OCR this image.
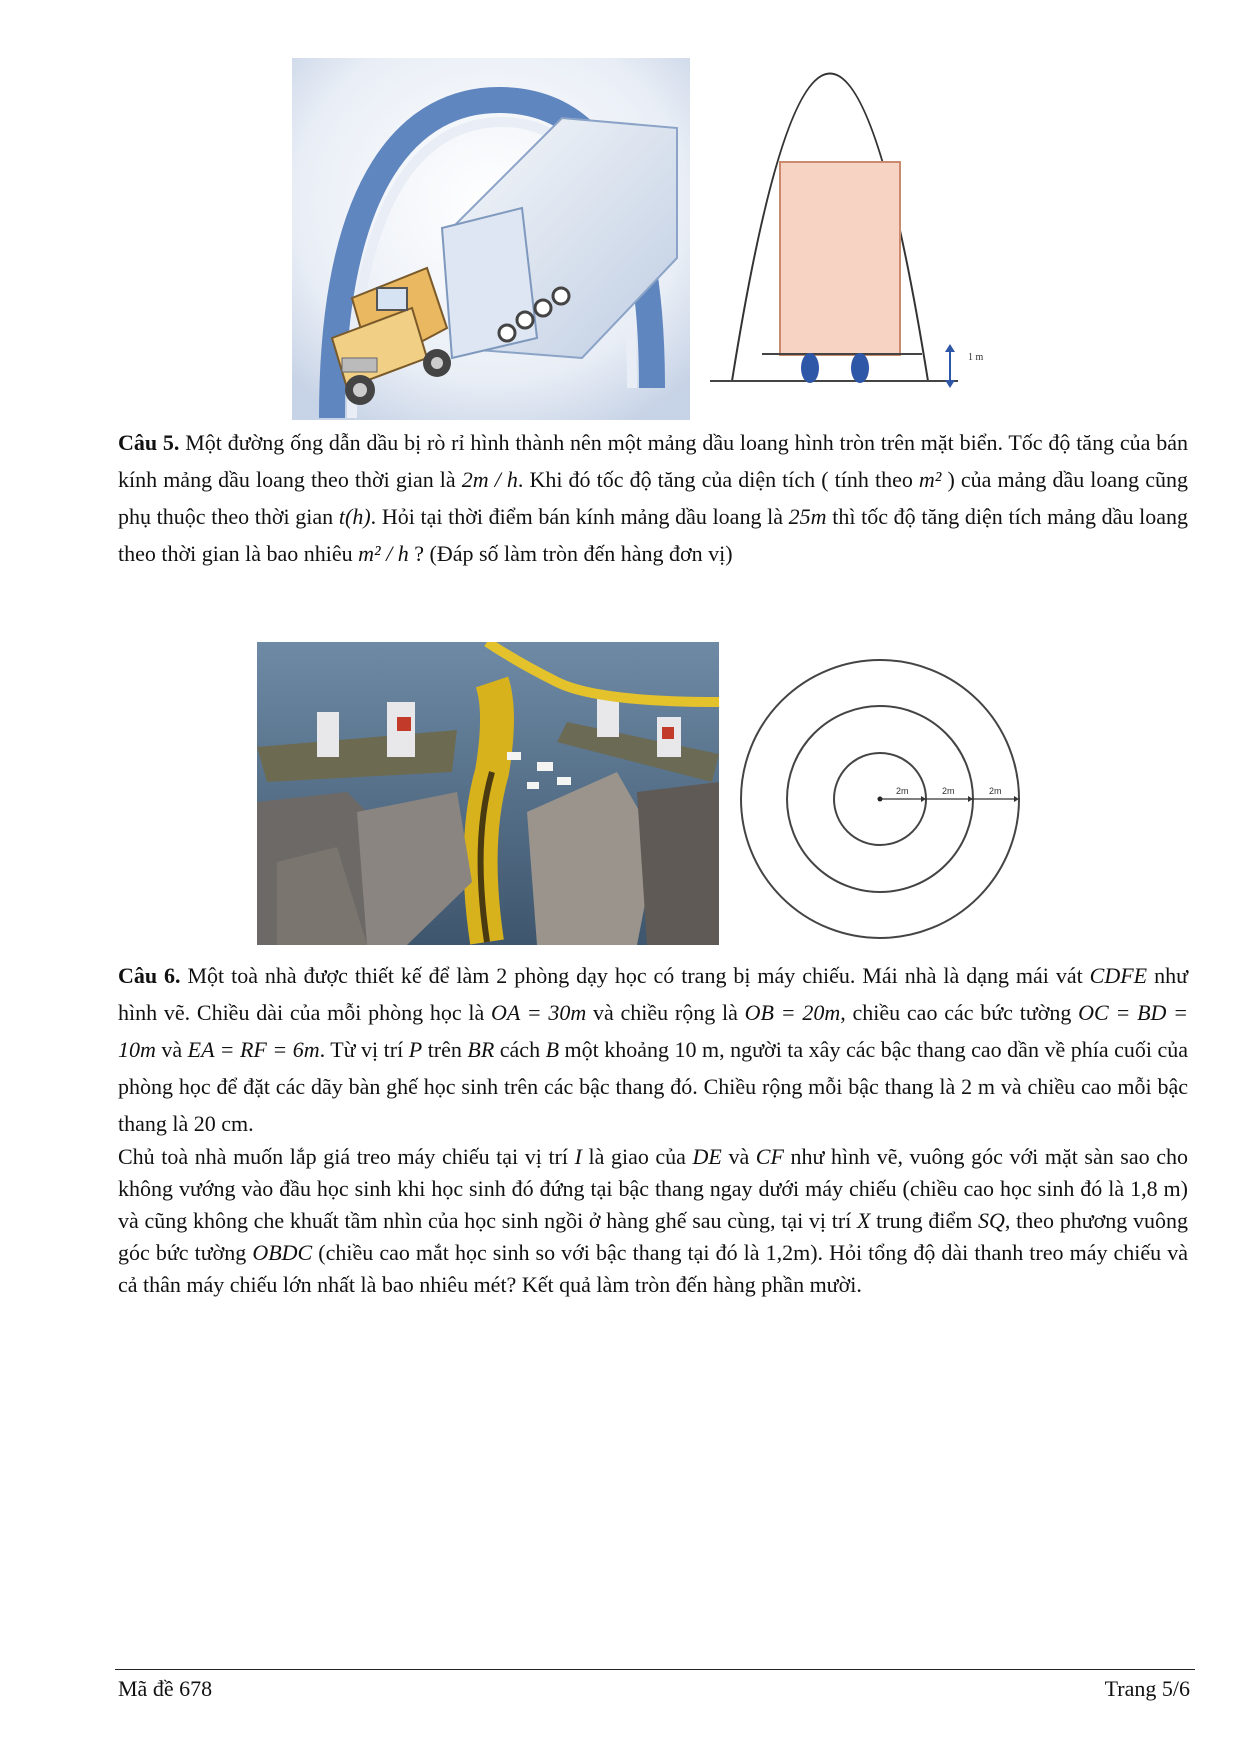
1 m
Câu 5. Một đường ống dẫn dầu bị rò rỉ hình thành nên một mảng dầu loang hình tròn trên mặt biển. Tốc độ tăng của bán kính mảng dầu loang theo thời gian là 2m / h. Khi đó tốc độ tăng của diện tích ( tính theo m² ) của mảng dầu loang cũng phụ thuộc theo thời gian t(h). Hỏi tại thời điểm bán kính mảng dầu loang là 25m thì tốc độ tăng diện tích mảng dầu loang theo thời gian là bao nhiêu m² / h ? (Đáp số làm tròn đến hàng đơn vị)
2m	2m	2m
Câu 6. Một toà nhà được thiết kế để làm 2 phòng dạy học có trang bị máy chiếu. Mái nhà là dạng mái vát CDFE như hình vẽ. Chiều dài của mỗi phòng học là OA = 30m và chiều rộng là OB = 20m, chiều cao các bức tường OC = BD = 10m và EA = RF = 6m. Từ vị trí P trên BR cách B một khoảng 10 m, người ta xây các bậc thang cao dần về phía cuối của phòng học để đặt các dãy bàn ghế học sinh trên các bậc thang đó. Chiều rộng mỗi bậc thang là 2 m và chiều cao mỗi bậc thang là 20 cm.
Chủ toà nhà muốn lắp giá treo máy chiếu tại vị trí I là giao của DE và CF như hình vẽ, vuông góc với mặt sàn sao cho không vướng vào đầu học sinh khi học sinh đó đứng tại bậc thang ngay dưới máy chiếu (chiều cao học sinh đó là 1,8 m) và cũng không che khuất tầm nhìn của học sinh ngồi ở hàng ghế sau cùng, tại vị trí X trung điểm SQ, theo phương vuông góc bức tường OBDC (chiều cao mắt học sinh so với bậc thang tại đó là 1,2m). Hỏi tổng độ dài thanh treo máy chiếu và cả thân máy chiếu lớn nhất là bao nhiêu mét? Kết quả làm tròn đến hàng phần mười.
Mã đề 678	Trang 5/6
